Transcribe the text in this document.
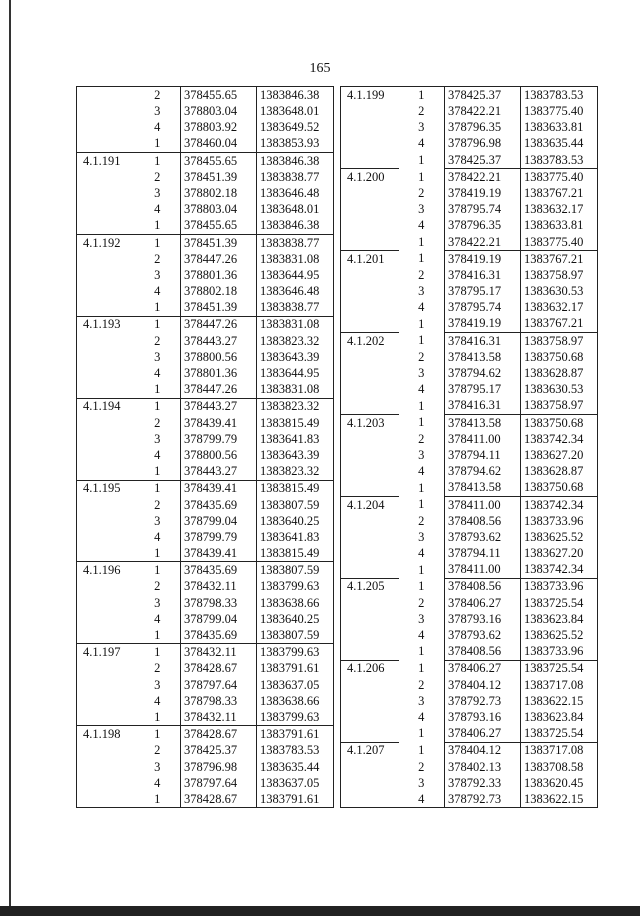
165
	2	378455.65	1383846.38
	3	378803.04	1383648.01
	4	378803.92	1383649.52
	1	378460.04	1383853.93
4.1.191	1	378455.65	1383846.38
	2	378451.39	1383838.77
	3	378802.18	1383646.48
	4	378803.04	1383648.01
	1	378455.65	1383846.38
4.1.192	1	378451.39	1383838.77
	2	378447.26	1383831.08
	3	378801.36	1383644.95
	4	378802.18	1383646.48
	1	378451.39	1383838.77
4.1.193	1	378447.26	1383831.08
	2	378443.27	1383823.32
	3	378800.56	1383643.39
	4	378801.36	1383644.95
	1	378447.26	1383831.08
4.1.194	1	378443.27	1383823.32
	2	378439.41	1383815.49
	3	378799.79	1383641.83
	4	378800.56	1383643.39
	1	378443.27	1383823.32
4.1.195	1	378439.41	1383815.49
	2	378435.69	1383807.59
	3	378799.04	1383640.25
	4	378799.79	1383641.83
	1	378439.41	1383815.49
4.1.196	1	378435.69	1383807.59
	2	378432.11	1383799.63
	3	378798.33	1383638.66
	4	378799.04	1383640.25
	1	378435.69	1383807.59
4.1.197	1	378432.11	1383799.63
	2	378428.67	1383791.61
	3	378797.64	1383637.05
	4	378798.33	1383638.66
	1	378432.11	1383799.63
4.1.198	1	378428.67	1383791.61
	2	378425.37	1383783.53
	3	378796.98	1383635.44
	4	378797.64	1383637.05
	1	378428.67	1383791.61
4.1.199	1	378425.37	1383783.53
	2	378422.21	1383775.40
	3	378796.35	1383633.81
	4	378796.98	1383635.44
	1	378425.37	1383783.53
4.1.200	1	378422.21	1383775.40
	2	378419.19	1383767.21
	3	378795.74	1383632.17
	4	378796.35	1383633.81
	1	378422.21	1383775.40
4.1.201	1	378419.19	1383767.21
	2	378416.31	1383758.97
	3	378795.17	1383630.53
	4	378795.74	1383632.17
	1	378419.19	1383767.21
4.1.202	1	378416.31	1383758.97
	2	378413.58	1383750.68
	3	378794.62	1383628.87
	4	378795.17	1383630.53
	1	378416.31	1383758.97
4.1.203	1	378413.58	1383750.68
	2	378411.00	1383742.34
	3	378794.11	1383627.20
	4	378794.62	1383628.87
	1	378413.58	1383750.68
4.1.204	1	378411.00	1383742.34
	2	378408.56	1383733.96
	3	378793.62	1383625.52
	4	378794.11	1383627.20
	1	378411.00	1383742.34
4.1.205	1	378408.56	1383733.96
	2	378406.27	1383725.54
	3	378793.16	1383623.84
	4	378793.62	1383625.52
	1	378408.56	1383733.96
4.1.206	1	378406.27	1383725.54
	2	378404.12	1383717.08
	3	378792.73	1383622.15
	4	378793.16	1383623.84
	1	378406.27	1383725.54
4.1.207	1	378404.12	1383717.08
	2	378402.13	1383708.58
	3	378792.33	1383620.45
	4	378792.73	1383622.15
